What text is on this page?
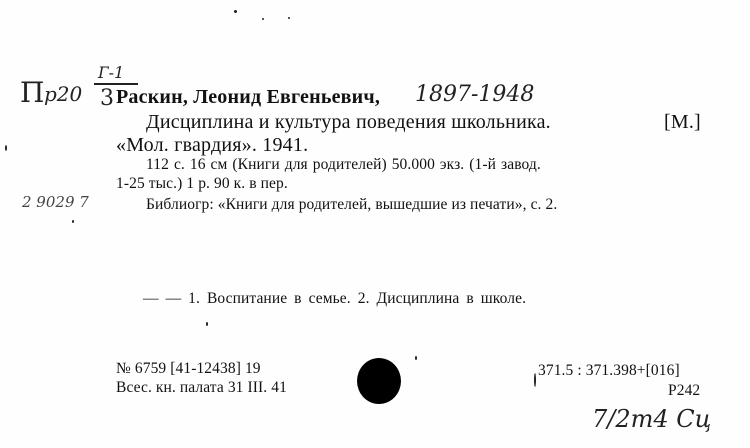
П р20
Г-1
3 Раскин, Леонид Евгеньевич, 1897-1948
Дисциплина и культура поведения школьника.	[М.]
«Мол. гвардия». 1941.
112 с. 16 см (Книги для родителей) 50.000 экз. (1-й завод.
1-25 тыс.) 1 р. 90 к. в пер.
2 9029 7	Библиогр: «Книги для родителей, вышедшие из печати», с. 2.
— — 1. Воспитание в семье. 2. Дисциплина в школе.
№ 6759 [41-12438] 19
Всес. кн. палата 31 III. 41
371.5 : 371.398+[016]
Р242
7/2т4 Сц
